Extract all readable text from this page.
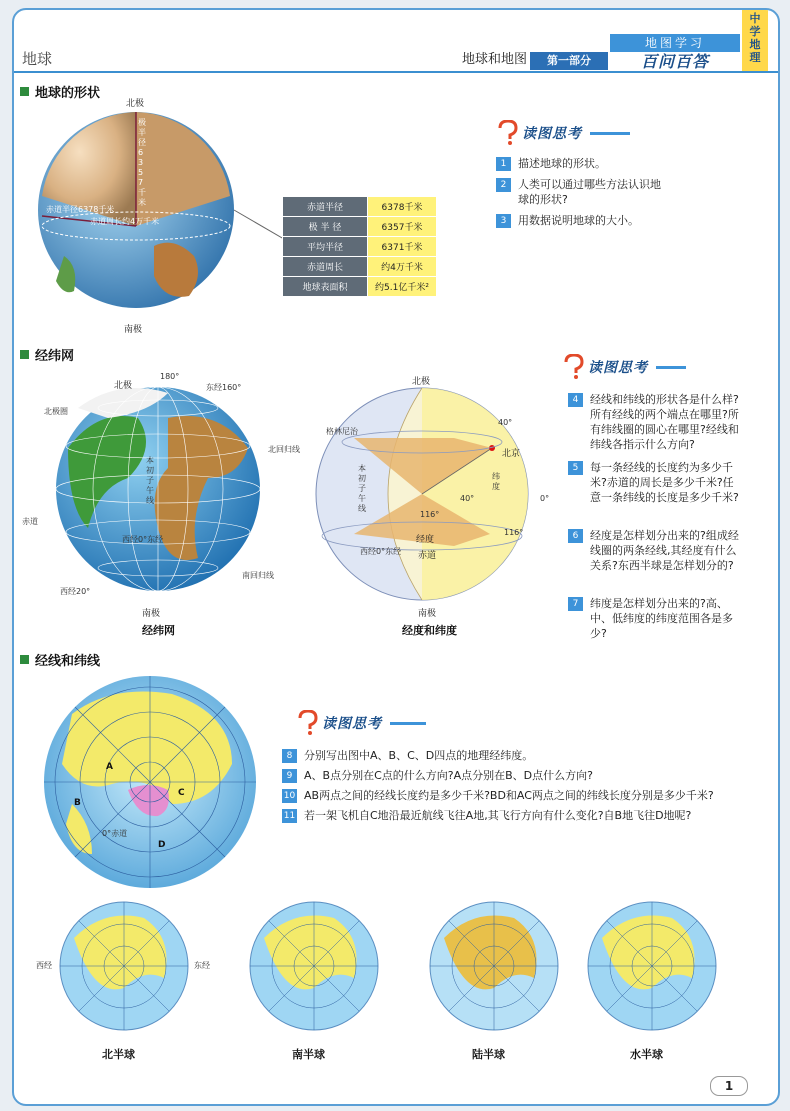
地球	地球和地图	第一部分
地图学习
百问百答
中学地理
地球的形状
北极
南极
极半径6357千米
赤道半径6378千米
赤道周长约4万千米
赤道半径	6378千米
极 半 径	6357千米
平均半径	6371千米
赤道周长	约4万千米
地球表面积	约5.1亿千米²
读图思考
1	描述地球的形状。
2	人类可以通过哪些方法认识地球的形状?
3	用数据说明地球的大小。
经纬网
北极
180°
东经160°
北极圈
北回归线
本初子午线
赤道
西经0°东经
南回归线
西经20°
南极
经纬网
北极
格林尼治
北京
40°
本初子午线
纬度
40°	0°
116°
116°
经度
西经0°东经 赤道
南极
经度和纬度
读图思考
4	经线和纬线的形状各是什么样?所有经线的两个端点在哪里?所有纬线圈的圆心在哪里?经线和纬线各指示什么方向?
5	每一条经线的长度约为多少千米?赤道的周长是多少千米?任意一条纬线的长度是多少千米?
6	经度是怎样划分出来的?组成经线圈的两条经线,其经度有什么关系?东西半球是怎样划分的?
7	纬度是怎样划分出来的?高、中、低纬度的纬度范围各是多少?
经线和纬线
A
B
C
D
0°赤道
读图思考
8	分别写出图中A、B、C、D四点的地理经纬度。
9	A、B点分别在C点的什么方向?A点分别在B、D点什么方向?
10 AB两点之间的经线长度约是多少千米?BD和AC两点之间的纬线长度分别是多少千米?
11 若一架飞机自C地沿最近航线飞往A地,其飞行方向有什么变化?自B地飞往D地呢?
北半球
西经	东经
南半球	陆半球	水半球
1
